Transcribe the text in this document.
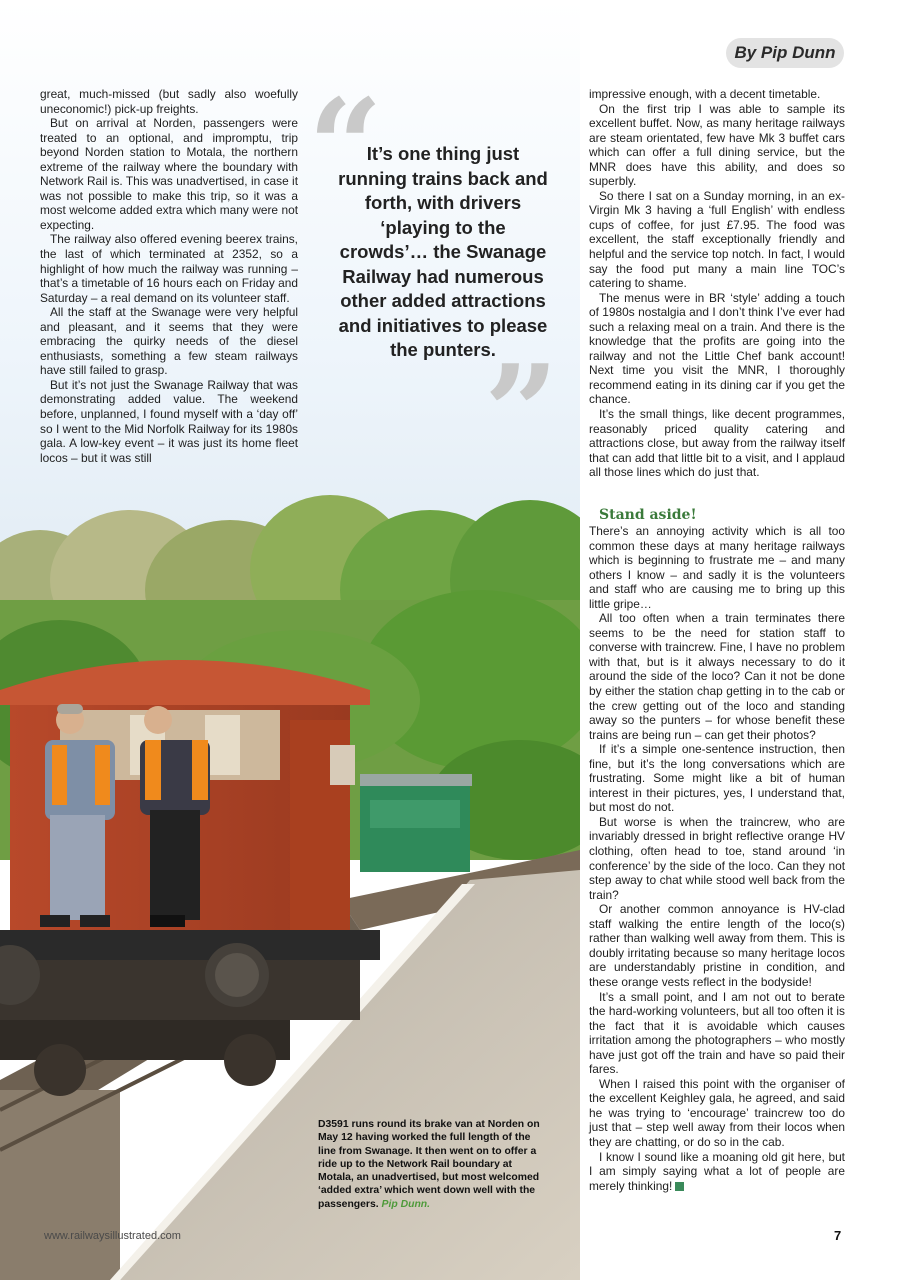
By Pip Dunn

great, much-missed (but sadly also woefully uneconomic!) pick-up freights.

But on arrival at Norden, passengers were treated to an optional, and impromptu, trip beyond Norden station to Motala, the northern extreme of the railway where the boundary with Network Rail is. This was unadvertised, in case it was not possible to make this trip, so it was a most welcome added extra which many were not expecting.

The railway also offered evening beerex trains, the last of which terminated at 2352, so a highlight of how much the railway was running – that’s a timetable of 16 hours each on Friday and Saturday – a real demand on its volunteer staff.

All the staff at the Swanage were very helpful and pleasant, and it seems that they were embracing the quirky needs of the diesel enthusiasts, something a few steam railways have still failed to grasp.

But it’s not just the Swanage Railway that was demonstrating added value. The weekend before, unplanned, I found myself with a ‘day off’ so I went to the Mid Norfolk Railway for its 1980s gala. A low-key event – it was just its home fleet locos – but it was still

“
It’s one thing just running trains back and forth, with drivers ‘playing to the crowds’… the Swanage Railway had numerous other added attractions and initiatives to please the punters.
”

impressive enough, with a decent timetable.

On the first trip I was able to sample its excellent buffet. Now, as many heritage railways are steam orientated, few have Mk 3 buffet cars which can offer a full dining service, but the MNR does have this ability, and does so superbly.

So there I sat on a Sunday morning, in an ex-Virgin Mk 3 having a ‘full English’ with endless cups of coffee, for just £7.95. The food was excellent, the staff exceptionally friendly and helpful and the service top notch. In fact, I would say the food put many a main line TOC’s catering to shame.

The menus were in BR ‘style’ adding a touch of 1980s nostalgia and I don’t think I’ve ever had such a relaxing meal on a train. And there is the knowledge that the profits are going into the railway and not the Little Chef bank account! Next time you visit the MNR, I thoroughly recommend eating in its dining car if you get the chance.

It’s the small things, like decent programmes, reasonably priced quality catering and attractions close, but away from the railway itself that can add that little bit to a visit, and I applaud all those lines which do just that.

Stand aside!

There’s an annoying activity which is all too common these days at many heritage railways which is beginning to frustrate me – and many others I know – and sadly it is the volunteers and staff who are causing me to bring up this little gripe…

All too often when a train terminates there seems to be the need for station staff to converse with traincrew. Fine, I have no problem with that, but is it always necessary to do it around the side of the loco? Can it not be done by either the station chap getting in to the cab or the crew getting out of the loco and standing away so the punters – for whose benefit these trains are being run – can get their photos?

If it’s a simple one-sentence instruction, then fine, but it’s the long conversations which are frustrating. Some might like a bit of human interest in their pictures, yes, I understand that, but most do not.

But worse is when the traincrew, who are invariably dressed in bright reflective orange HV clothing, often head to toe, stand around ‘in conference’ by the side of the loco. Can they not step away to chat while stood well back from the train?

Or another common annoyance is HV-clad staff walking the entire length of the loco(s) rather than walking well away from them. This is doubly irritating because so many heritage locos are understandably pristine in condition, and these orange vests reflect in the bodyside!

It’s a small point, and I am not out to berate the hard-working volunteers, but all too often it is the fact that it is avoidable which causes irritation among the photographers – who mostly have just got off the train and have so paid their fares.

When I raised this point with the organiser of the excellent Keighley gala, he agreed, and said he was trying to ‘encourage’ traincrew too do just that – step well away from their locos when they are chatting, or do so in the cab.

I know I sound like a moaning old git here, but I am simply saying what a lot of people are merely thinking!

D3591 runs round its brake van at Norden on May 12 having worked the full length of the line from Swanage. It then went on to offer a ride up to the Network Rail boundary at Motala, an unadvertised, but most welcomed ‘added extra’ which went down well with the passengers. Pip Dunn.
www.railwaysillustrated.com	7
